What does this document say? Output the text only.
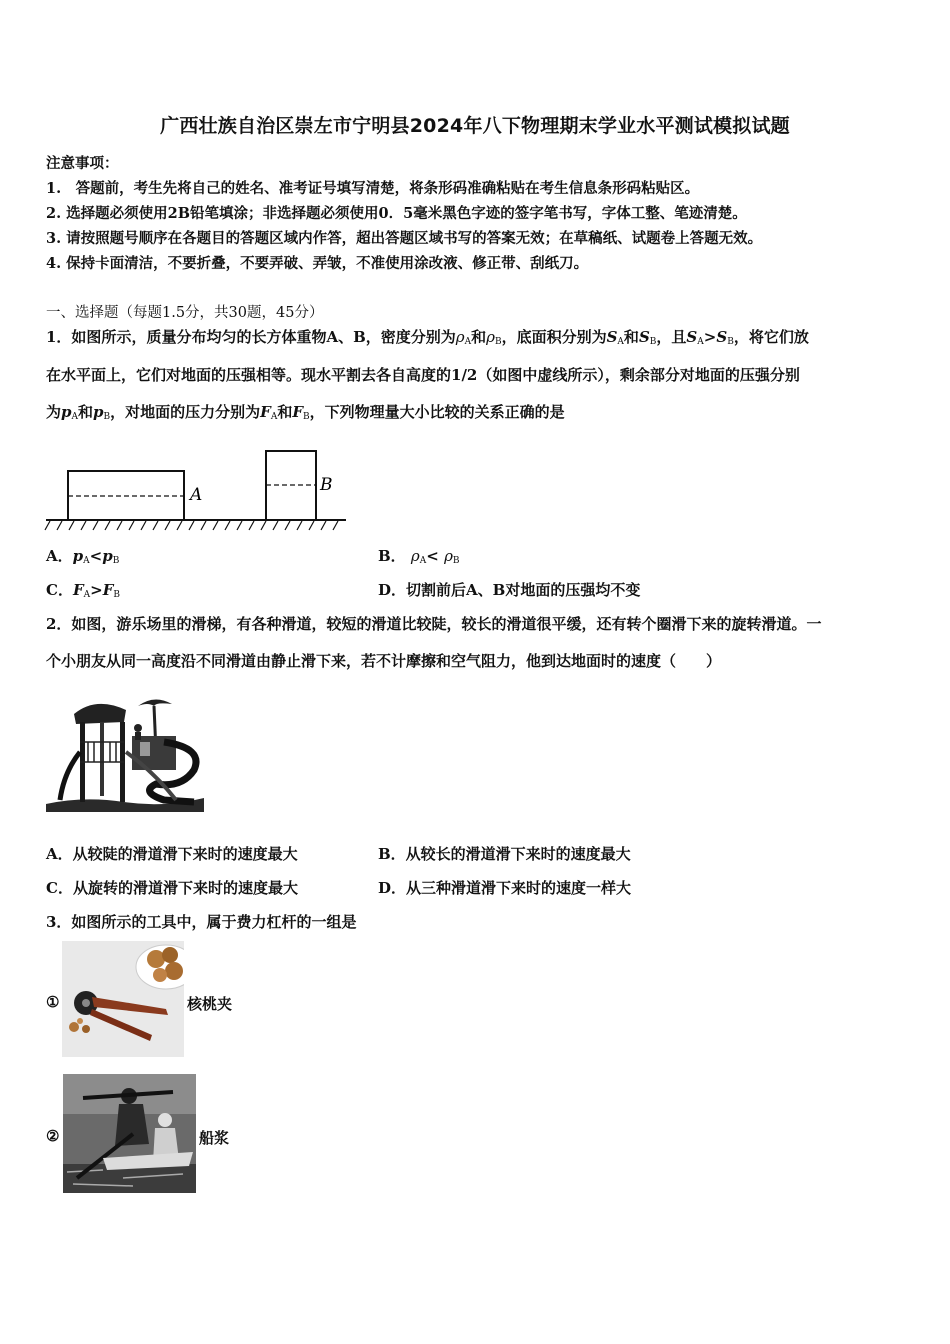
广西壮族自治区崇左市宁明县2024年八下物理期末学业水平测试模拟试题
注意事项：
1.　答题前，考生先将自己的姓名、准考证号填写清楚，将条形码准确粘贴在考生信息条形码粘贴区。
2. 选择题必须使用2B铅笔填涂；非选择题必须使用0．5毫米黑色字迹的签字笔书写，字体工整、笔迹清楚。
3. 请按照题号顺序在各题目的答题区域内作答，超出答题区域书写的答案无效；在草稿纸、试题卷上答题无效。
4. 保持卡面清洁，不要折叠，不要弄破、弄皱，不准使用涂改液、修正带、刮纸刀。
一、选择题（每题1.5分，共30题，45分）
1．如图所示，质量分布均匀的长方体重物A、B，密度分别为$\rho_A$和$\rho_B$，底面积分别为$S_A$和$S_B$，且$S_A>S_B$，将它们放
在水平面上，它们对地面的压强相等。现水平割去各自高度的1/2（如图中虚线所示），剩余部分对地面的压强分别
为$p_A$和$p_B$，对地面的压力分别为$F_A$和$F_B$，下列物理量大小比较的关系正确的是
A	B
A．$p_A<p_B$	B． $\rho_A< \rho_B$
C．$F_A>F_B$	D．切割前后A、B对地面的压强均不变
2．如图，游乐场里的滑梯，有各种滑道，较短的滑道比较陡，较长的滑道很平缓，还有转个圈滑下来的旋转滑道。一
个小朋友从同一高度沿不同滑道由静止滑下来，若不计摩擦和空气阻力，他到达地面时的速度（　　）
A．从较陡的滑道滑下来时的速度最大	B．从较长的滑道滑下来时的速度最大
C．从旋转的滑道滑下来时的速度最大	D．从三种滑道滑下来时的速度一样大
3．如图所示的工具中，属于费力杠杆的一组是
①	核桃夹
②	船浆
